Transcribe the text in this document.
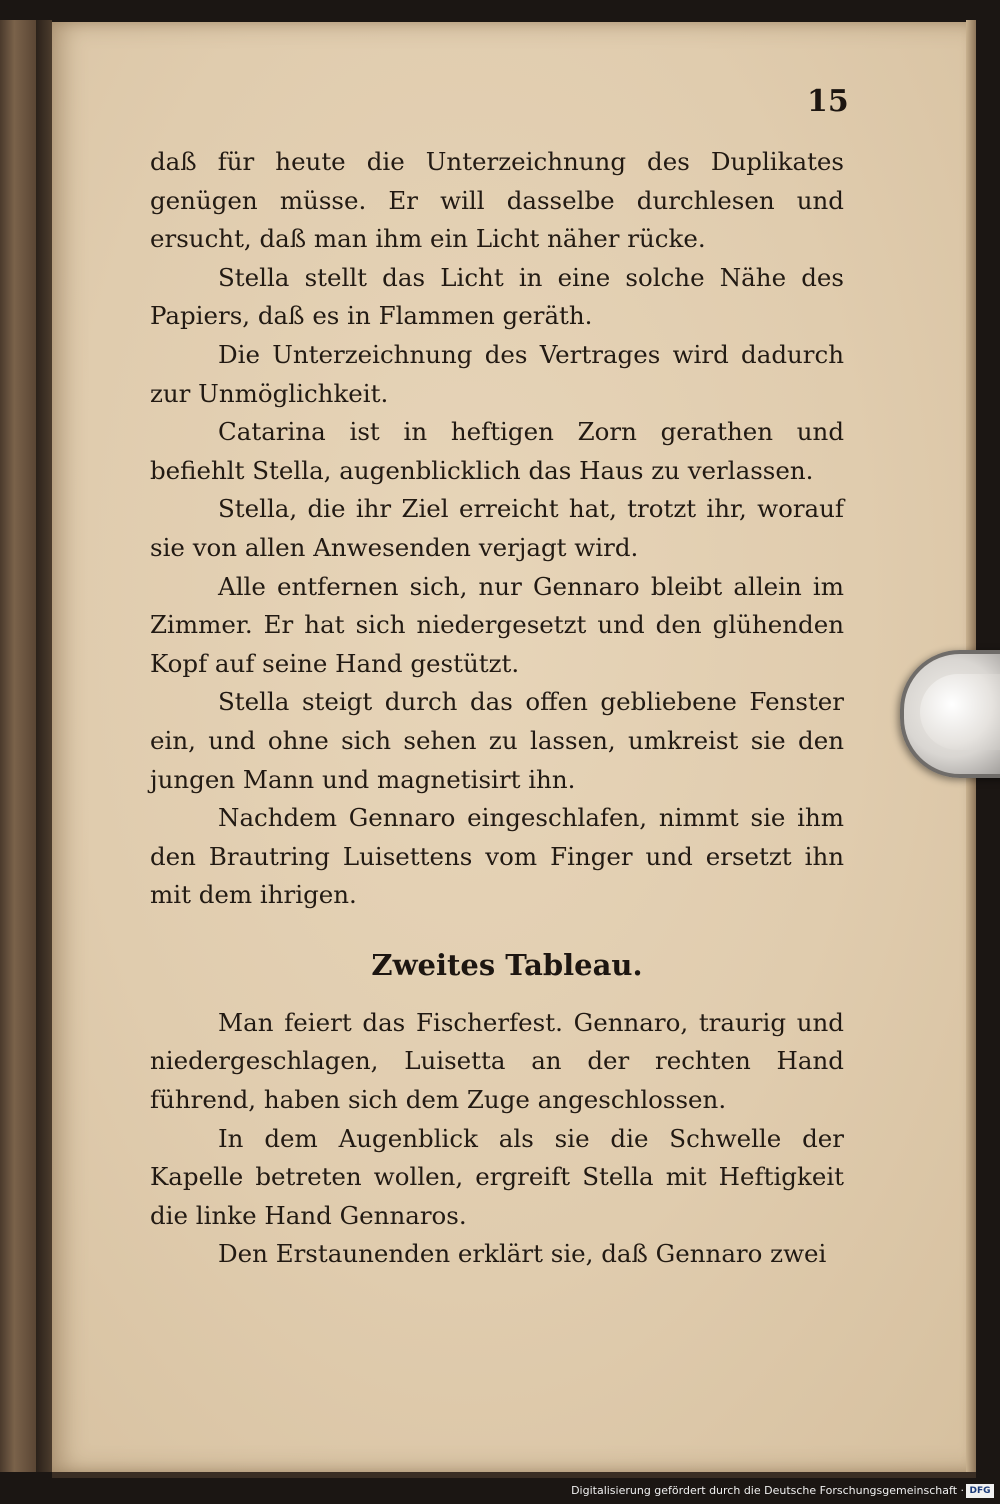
15

daß für heute die Unterzeichnung des Duplikates genügen müsse. Er will dasselbe durchlesen und ersucht, daß man ihm ein Licht näher rücke.

Stella stellt das Licht in eine solche Nähe des Papiers, daß es in Flammen geräth.

Die Unterzeichnung des Vertrages wird dadurch zur Unmöglichkeit.

Catarina ist in heftigen Zorn gerathen und befiehlt Stella, augenblicklich das Haus zu verlassen.

Stella, die ihr Ziel erreicht hat, trotzt ihr, worauf sie von allen Anwesenden verjagt wird.

Alle entfernen sich, nur Gennaro bleibt allein im Zimmer. Er hat sich niedergesetzt und den glühenden Kopf auf seine Hand gestützt.

Stella steigt durch das offen gebliebene Fenster ein, und ohne sich sehen zu lassen, umkreist sie den jungen Mann und magnetisirt ihn.

Nachdem Gennaro eingeschlafen, nimmt sie ihm den Brautring Luisettens vom Finger und ersetzt ihn mit dem ihrigen.

Zweites Tableau.

Man feiert das Fischerfest. Gennaro, traurig und niedergeschlagen, Luisetta an der rechten Hand führend, haben sich dem Zuge angeschlossen.

In dem Augenblick als sie die Schwelle der Kapelle betreten wollen, ergreift Stella mit Heftigkeit die linke Hand Gennaros.

Den Erstaunenden erklärt sie, daß Gennaro zwei

Digitalisierung gefördert durch die Deutsche Forschungsgemeinschaft · DFG
